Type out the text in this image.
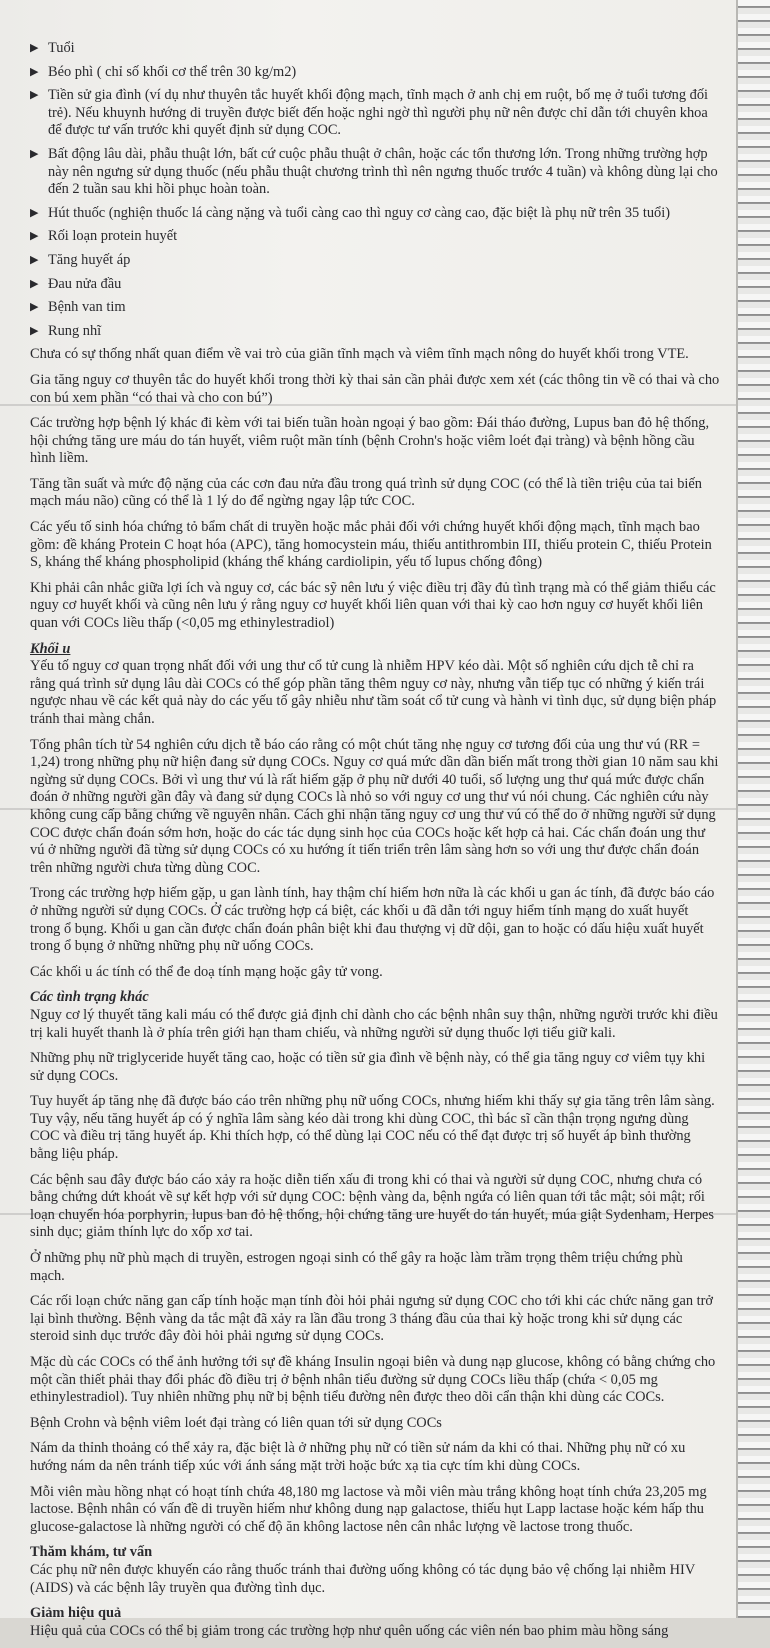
▶ Tuổi
▶ Béo phì ( chỉ số khối cơ thể trên 30 kg/m2)
▶ Tiền sử gia đình (ví dụ như thuyên tắc huyết khối động mạch, tĩnh mạch ở anh chị em ruột, bố mẹ ở tuổi tương đối trẻ). Nếu khuynh hướng di truyền được biết đến hoặc nghi ngờ thì người phụ nữ nên được chỉ dẫn tới chuyên khoa để được tư vấn trước khi quyết định sử dụng COC.
▶ Bất động lâu dài, phẫu thuật lớn, bất cứ cuộc phẫu thuật ở chân, hoặc các tổn thương lớn. Trong những trường hợp này nên ngưng sử dụng thuốc (nếu phẫu thuật chương trình thì nên ngưng thuốc trước 4 tuần) và không dùng lại cho đến 2 tuần sau khi hồi phục hoàn toàn.
▶ Hút thuốc (nghiện thuốc lá càng nặng và tuổi càng cao thì nguy cơ càng cao, đặc biệt là phụ nữ trên 35 tuổi)
▶ Rối loạn protein huyết
▶ Tăng huyết áp
▶ Đau nửa đầu
▶ Bệnh van tim
▶ Rung nhĩ

Chưa có sự thống nhất quan điểm về vai trò của giãn tĩnh mạch và viêm tĩnh mạch nông do huyết khối trong VTE.

Gia tăng nguy cơ thuyên tắc do huyết khối trong thời kỳ thai sản cần phải được xem xét (các thông tin về có thai và cho con bú xem phần “có thai và cho con bú”)

Các trường hợp bệnh lý khác đi kèm với tai biến tuần hoàn ngoại ý bao gồm: Đái tháo đường, Lupus ban đỏ hệ thống, hội chứng tăng ure máu do tán huyết, viêm ruột mãn tính (bệnh Crohn's hoặc viêm loét đại tràng) và bệnh hồng cầu hình liềm.

Tăng tần suất và mức độ nặng của các cơn đau nửa đầu trong quá trình sử dụng COC (có thể là tiền triệu của tai biến mạch máu não) cũng có thể là 1 lý do để ngừng ngay lập tức COC.

Các yếu tố sinh hóa chứng tỏ bẩm chất di truyền hoặc mắc phải đối với chứng huyết khối động mạch, tĩnh mạch bao gồm: đề kháng Protein C hoạt hóa (APC), tăng homocystein máu, thiếu antithrombin III, thiếu protein C, thiếu Protein S, kháng thể kháng phospholipid (kháng thể kháng cardiolipin, yếu tố lupus chống đông)

Khi phải cân nhắc giữa lợi ích và nguy cơ, các bác sỹ nên lưu ý việc điều trị đầy đủ tình trạng mà có thể giảm thiểu các nguy cơ huyết khối và cũng nên lưu ý rằng nguy cơ huyết khối liên quan với thai kỳ cao hơn nguy cơ huyết khối liên quan với COCs liều thấp (<0,05 mg ethinylestradiol)

Khối u

Yếu tố nguy cơ quan trọng nhất đối với ung thư cổ tử cung là nhiễm HPV kéo dài. Một số nghiên cứu dịch tễ chỉ ra rằng quá trình sử dụng lâu dài COCs có thể góp phần tăng thêm nguy cơ này, nhưng vẫn tiếp tục có những ý kiến trái ngược nhau về các kết quả này do các yếu tố gây nhiễu như tầm soát cổ tử cung và hành vi tình dục, sử dụng biện pháp tránh thai màng chắn.

Tổng phân tích từ 54 nghiên cứu dịch tễ báo cáo rằng có một chút tăng nhẹ nguy cơ tương đối của ung thư vú (RR = 1,24) trong những phụ nữ hiện đang sử dụng COCs. Nguy cơ quá mức dần dần biến mất trong thời gian 10 năm sau khi ngừng sử dụng COCs. Bởi vì ung thư vú là rất hiếm gặp ở phụ nữ dưới 40 tuổi, số lượng ung thư quá mức được chẩn đoán ở những người gần đây và đang sử dụng COCs là nhỏ so với nguy cơ ung thư vú nói chung. Các nghiên cứu này không cung cấp bằng chứng về nguyên nhân. Cách ghi nhận tăng nguy cơ ung thư vú có thể do ở những người sử dụng COC được chẩn đoán sớm hơn, hoặc do các tác dụng sinh học của COCs hoặc kết hợp cả hai. Các chẩn đoán ung thư vú ở những người đã từng sử dụng COCs có xu hướng ít tiến triển trên lâm sàng hơn so với ung thư được chẩn đoán trên những người chưa từng dùng COC.

Trong các trường hợp hiếm gặp, u gan lành tính, hay thậm chí hiếm hơn nữa là các khối u gan ác tính, đã được báo cáo ở những người sử dụng COCs. Ở các trường hợp cá biệt, các khối u đã dẫn tới nguy hiểm tính mạng do xuất huyết trong ổ bụng. Khối u gan cần được chẩn đoán phân biệt khi đau thượng vị dữ dội, gan to hoặc có dấu hiệu xuất huyết trong ổ bụng ở những những phụ nữ uống COCs.

Các khối u ác tính có thể đe doạ tính mạng hoặc gây tử vong.

Các tình trạng khác

Nguy cơ lý thuyết tăng kali máu có thể được giả định chỉ dành cho các bệnh nhân suy thận, những người trước khi điều trị kali huyết thanh là ở phía trên giới hạn tham chiếu, và những người sử dụng thuốc lợi tiểu giữ kali.

Những phụ nữ triglyceride huyết tăng cao, hoặc có tiền sử gia đình về bệnh này, có thể gia tăng nguy cơ viêm tụy khi sử dụng COCs.

Tuy huyết áp tăng nhẹ đã được báo cáo trên những phụ nữ uống COCs, nhưng hiếm khi thấy sự gia tăng trên lâm sàng. Tuy vậy, nếu tăng huyết áp có ý nghĩa lâm sàng kéo dài trong khi dùng COC, thì bác sĩ cần thận trọng ngưng dùng COC và điều trị tăng huyết áp. Khi thích hợp, có thể dùng lại COC nếu có thể đạt được trị số huyết áp bình thường bằng liệu pháp.

Các bệnh sau đây được báo cáo xảy ra hoặc diễn tiến xấu đi trong khi có thai và người sử dụng COC, nhưng chưa có bằng chứng dứt khoát về sự kết hợp với sử dụng COC: bệnh vàng da, bệnh ngứa có liên quan tới tắc mật; sỏi mật; rối loạn chuyển hóa porphyrin, lupus ban đỏ hệ thống, hội chứng tăng ure huyết do tán huyết, múa giật Sydenham, Herpes sinh dục; giảm thính lực do xốp xơ tai.

Ở những phụ nữ phù mạch di truyền, estrogen ngoại sinh có thể gây ra hoặc làm trầm trọng thêm triệu chứng phù mạch.

Các rối loạn chức năng gan cấp tính hoặc mạn tính đòi hỏi phải ngưng sử dụng COC cho tới khi các chức năng gan trở lại bình thường. Bệnh vàng da tắc mật đã xảy ra lần đầu trong 3 tháng đầu của thai kỳ hoặc trong khi sử dụng các steroid sinh dục trước đây đòi hỏi phải ngưng sử dụng COCs.

Mặc dù các COCs có thể ảnh hưởng tới sự đề kháng Insulin ngoại biên và dung nạp glucose, không có bằng chứng cho một cần thiết phải thay đổi phác đồ điều trị ở bệnh nhân tiểu đường sử dụng COCs liều thấp (chứa < 0,05 mg ethinylestradiol). Tuy nhiên những phụ nữ bị bệnh tiểu đường nên được theo dõi cẩn thận khi dùng các COCs.

Bệnh Crohn và bệnh viêm loét đại tràng có liên quan tới sử dụng COCs

Nám da thỉnh thoảng có thể xảy ra, đặc biệt là ở những phụ nữ có tiền sử nám da khi có thai. Những phụ nữ có xu hướng nám da nên tránh tiếp xúc với ánh sáng mặt trời hoặc bức xạ tia cực tím khi dùng COCs.

Mỗi viên màu hồng nhạt có hoạt tính chứa 48,180 mg lactose và mỗi viên màu trắng không hoạt tính chứa 23,205 mg lactose. Bệnh nhân có vấn đề di truyền hiếm như không dung nạp galactose, thiếu hụt Lapp lactase hoặc kém hấp thu glucose-galactose là những người có chế độ ăn không lactose nên cân nhắc lượng về lactose trong thuốc.

Thăm khám, tư vấn

Các phụ nữ nên được khuyến cáo rằng thuốc tránh thai đường uống không có tác dụng bảo vệ chống lại nhiễm HIV (AIDS) và các bệnh lây truyền qua đường tình dục.

Giảm hiệu quả

Hiệu quả của COCs có thể bị giảm trong các trường hợp như quên uống các viên nén bao phim màu hồng sáng
